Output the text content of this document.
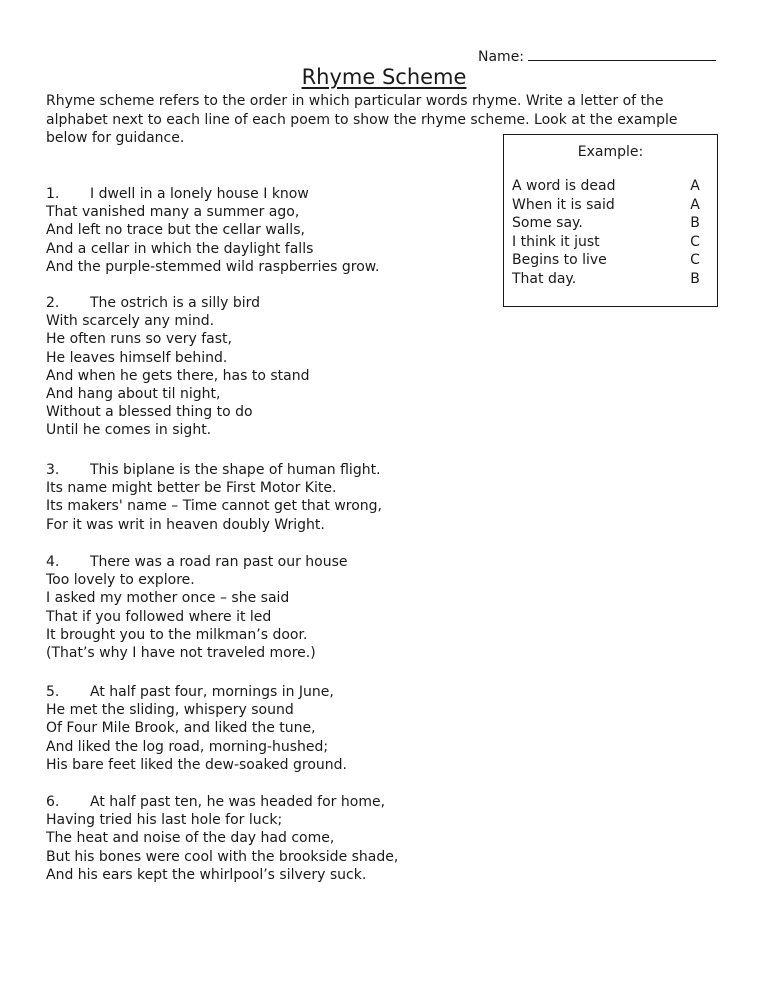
Name:
Rhyme Scheme
Rhyme scheme refers to the order in which particular words rhyme. Write a letter of the alphabet next to each line of each poem to show the rhyme scheme. Look at the example below for guidance.
Example:
A word is dead	A
When it is said	A
Some say.	B
I think it just	C
Begins to live	C
That day.	B
1. I dwell in a lonely house I know
That vanished many a summer ago,
And left no trace but the cellar walls,
And a cellar in which the daylight falls
And the purple-stemmed wild raspberries grow.
2. The ostrich is a silly bird
With scarcely any mind.
He often runs so very fast,
He leaves himself behind.
And when he gets there, has to stand
And hang about til night,
Without a blessed thing to do
Until he comes in sight.
3. This biplane is the shape of human flight.
Its name might better be First Motor Kite.
Its makers' name – Time cannot get that wrong,
For it was writ in heaven doubly Wright.
4. There was a road ran past our house
Too lovely to explore.
I asked my mother once – she said
That if you followed where it led
It brought you to the milkman’s door.
(That’s why I have not traveled more.)
5. At half past four, mornings in June,
He met the sliding, whispery sound
Of Four Mile Brook, and liked the tune,
And liked the log road, morning-hushed;
His bare feet liked the dew-soaked ground.
6. At half past ten, he was headed for home,
Having tried his last hole for luck;
The heat and noise of the day had come,
But his bones were cool with the brookside shade,
And his ears kept the whirlpool’s silvery suck.
